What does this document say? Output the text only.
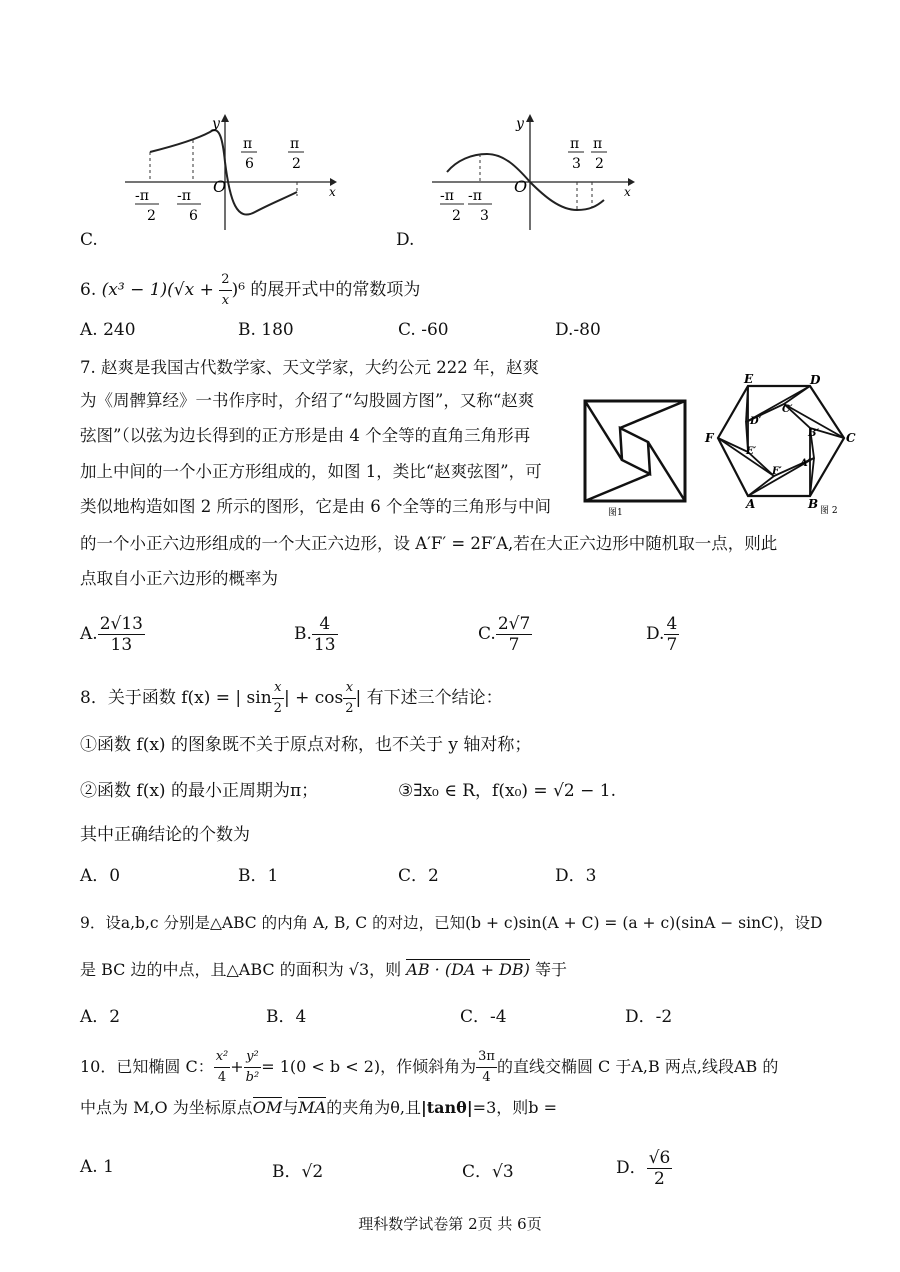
y
x
O
π
6
π
2
-π
2
-π
6
C.
y
x
O
π
3
π
2
-π
2
-π
3
D.
6. $(x^3 - 1)(√x + \frac{2}{x} )^6$ 的展开式中的常数项为
A. 240	B. 180	C. -60	D.-80
7. 赵爽是我国古代数学家、天文学家，大约公元 222 年，赵爽
为《周髀算经》一书作序时，介绍了“勾股圆方图”，又称“赵爽
弦图”（以弦为边长得到的正方形是由 4 个全等的直角三角形再
加上中间的一个小正方形组成的，如图 1，类比“赵爽弦图”，可
类似地构造如图 2 所示的图形，它是由 6 个全等的三角形与中间
的一个小正六边形组成的一个大正六边形，设 A′F′ = 2F′A,若在大正六边形中随机取一点，则此
点取自小正六边形的概率为
图1
E	D
C
B
A
F
D′
C′
B′
A′
F′
E′
图 2
A. $\frac{2√13}{13}$	B. $\frac{4}{13}$	C. $\frac{2√7}{7}$	D. $\frac{4}{7}$
8．关于函数 f(x) = | $\sin \frac{x}{2}$ | + $\cos \frac{x}{2}$ | 有下述三个结论：
①函数 f(x) 的图象既不关于原点对称，也不关于 y 轴对称；
②函数 f(x) 的最小正周期为π；	③∃x₀ ∈ R，f(x₀) = √2 − 1.
其中正确结论的个数为
A．0	B．1	C．2	D．3
9．设a,b,c 分别是△ABC 的内角 A, B, C 的对边，已知(b + c)sin(A + C) = (a + c)(sinA − sinC)，设D
是 BC 边的中点，且△ABC 的面积为 √3，则 AB · (DA + DB) 等于
A．2	B．4	C．-4	D．-2
10．已知椭圆 C： $\frac{\text{x²}}{4} + \frac{\text{y²}}{\text{b²}} = 1(0 < b < 2)$，作倾斜角为 $\frac{3\pi}{4}$ 的直线交椭圆 C 于A,B 两点,线段AB 的
中点为 M,O 为坐标原点OM与MA的夹角为θ,且|tanθ|=3，则b =
A. 1	B．√2	C．√3	D． $\frac{√6}{2}$
理科数学试卷第 2页 共 6页
